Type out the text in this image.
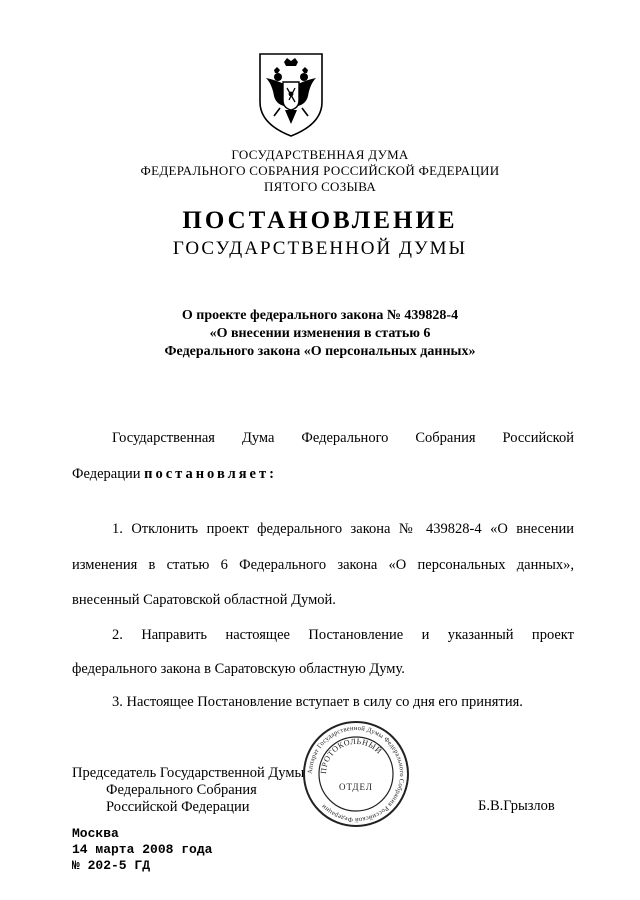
ГОСУДАРСТВЕННАЯ ДУМА
ФЕДЕРАЛЬНОГО СОБРАНИЯ РОССИЙСКОЙ ФЕДЕРАЦИИ
ПЯТОГО СОЗЫВА
ПОСТАНОВЛЕНИЕ
ГОСУДАРСТВЕННОЙ ДУМЫ
О проекте федерального закона № 439828-4
«О внесении изменения в статью 6
Федерального закона «О персональных данных»
Государственная Дума Федерального Собрания Российской
Федерации постановляет:
1. Отклонить проект федерального закона № 439828-4 «О внесении
изменения в статью 6 Федерального закона «О персональных данных»,
внесенный Саратовской областной Думой.
2. Направить настоящее Постановление и указанный проект
федерального закона в Саратовскую областную Думу.
3. Настоящее Постановление вступает в силу со дня его принятия.
Председатель Государственной Думы
Федерального Собрания
Российской Федерации	Б.В.Грызлов
Аппарат Государственной Думы Федерального Собрания Российской Федерации
ПРОТОКОЛЬНЫЙ
ОТДЕЛ
Москва
14 марта 2008 года
№ 202-5 ГД
